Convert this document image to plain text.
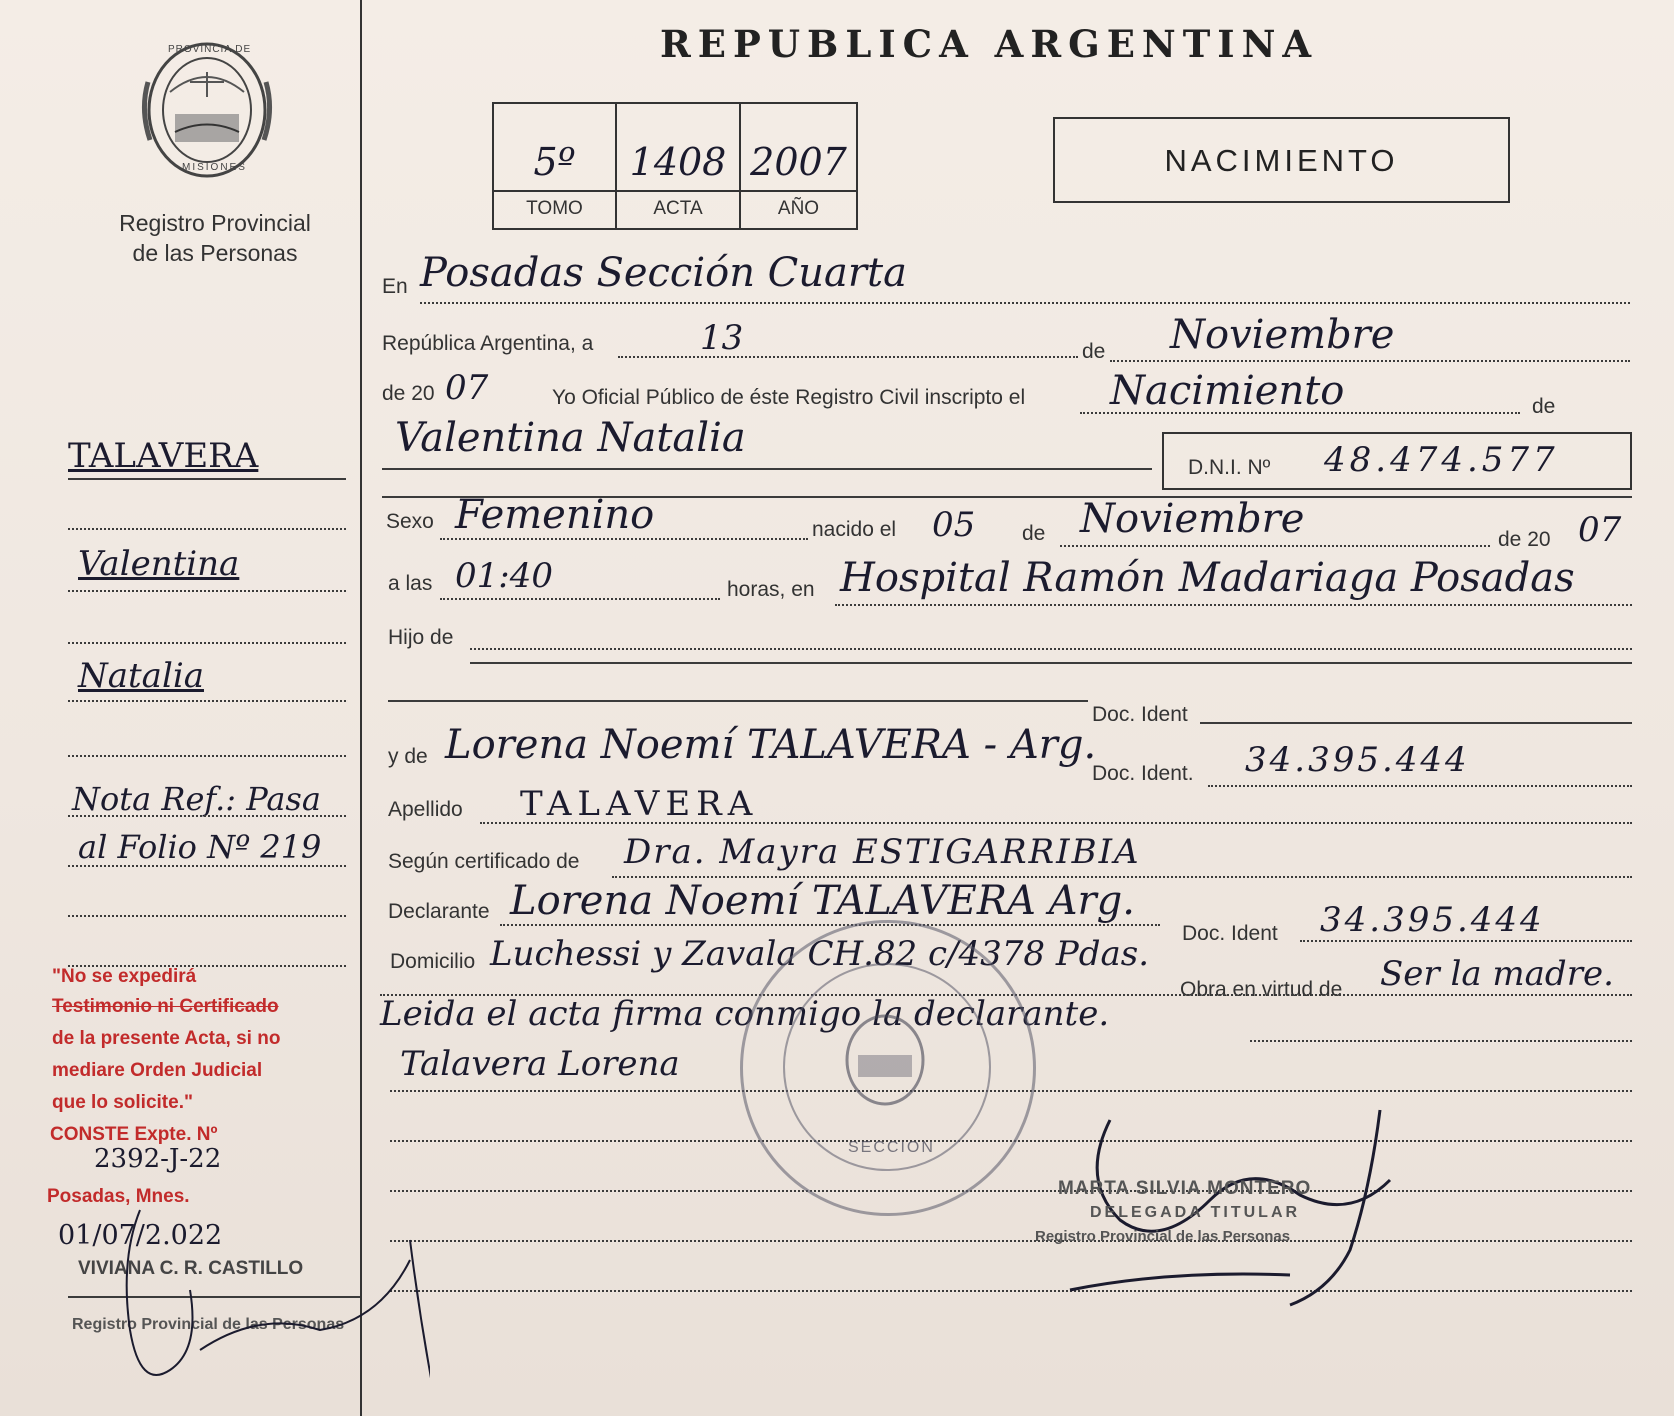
REPUBLICA ARGENTINA
PROVINCIA DE
MISIONES
Registro Provincial
de las Personas
5º
TOMO
1408
ACTA
2007
AÑO
NACIMIENTO
En Posadas Sección Cuarta
República Argentina, a	13	de Noviembre
de 20 07	Yo Oficial Público de éste Registro Civil inscripto el Nacimiento	de
Valentina Natalia
D.N.I. Nº 48.474.577
Sexo Femenino	nacido el 05 de Noviembre	de 20 07
a las 01:40	horas, en Hospital Ramón Madariaga Posadas
Hijo de
Doc. Ident
y de Lorena Noemí TALAVERA - Arg.
Doc. Ident. 34.395.444
Apellido TALAVERA
Según certificado de Dra. Mayra ESTIGARRIBIA
Declarante Lorena Noemí TALAVERA Arg.
Doc. Ident 34.395.444
Domicilio Luchessi y Zavala CH.82 c/4378 Pdas.
Obra en virtud de Ser la madre.
Leida el acta firma conmigo la declarante.
Talavera Lorena
SECCION
MARTA SILVIA MONTERO
DELEGADA TITULAR
Registro Provincial de las Personas
TALAVERA
Valentina
Natalia
Nota Ref.: Pasa
al Folio Nº 219
"No se expedirá
Testimonio ni Certificado
de la presente Acta, si no
mediare Orden Judicial
que lo solicite."
CONSTE Expte. Nº
2392-J-22
Posadas, Mnes.
01/07/2.022
VIVIANA C. R. CASTILLO
Registro Provincial de las Personas
